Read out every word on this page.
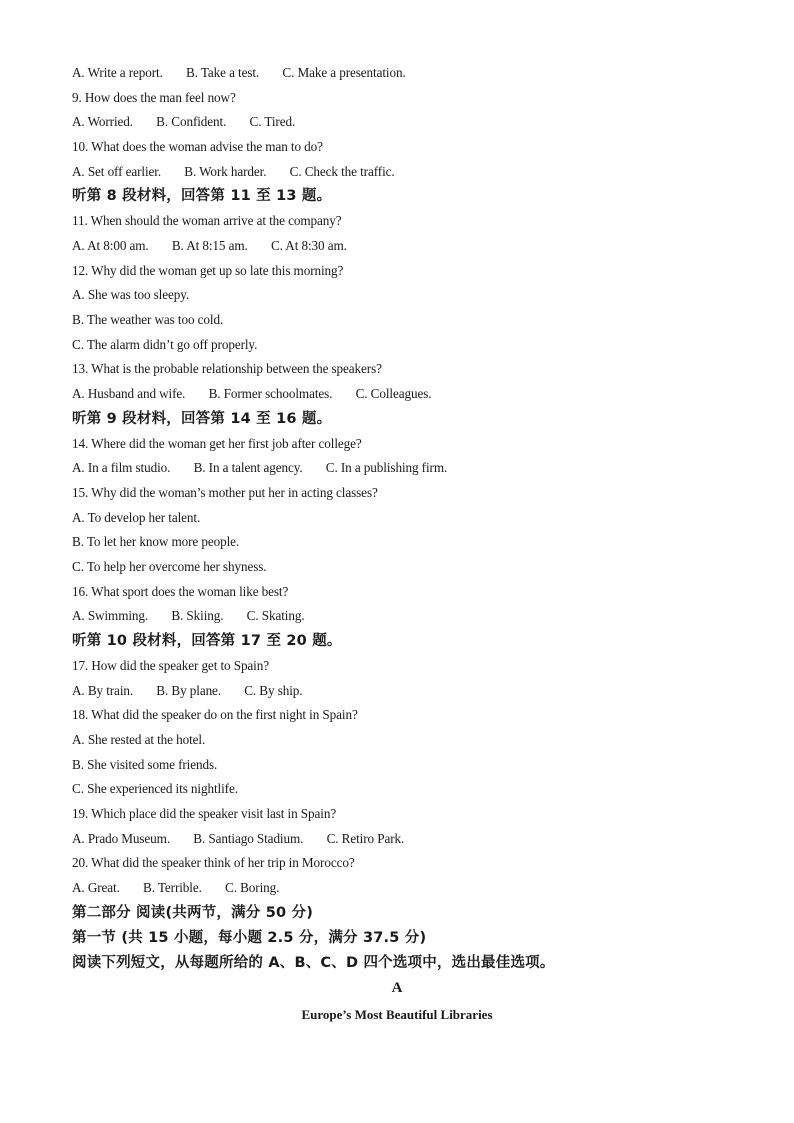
A. Write a report. B. Take a test. C. Make a presentation.
9. How does the man feel now?
A. Worried. B. Confident. C. Tired.
10. What does the woman advise the man to do?
A. Set off earlier. B. Work harder. C. Check the traffic.
听第 8 段材料，回答第 11 至 13 题。
11. When should the woman arrive at the company?
A. At 8:00 am. B. At 8:15 am. C. At 8:30 am.
12. Why did the woman get up so late this morning?
A. She was too sleepy.
B. The weather was too cold.
C. The alarm didn’t go off properly.
13. What is the probable relationship between the speakers?
A. Husband and wife. B. Former schoolmates. C. Colleagues.
听第 9 段材料，回答第 14 至 16 题。
14. Where did the woman get her first job after college?
A. In a film studio. B. In a talent agency. C. In a publishing firm.
15. Why did the woman’s mother put her in acting classes?
A. To develop her talent.
B. To let her know more people.
C. To help her overcome her shyness.
16. What sport does the woman like best?
A. Swimming. B. Skiing. C. Skating.
听第 10 段材料，回答第 17 至 20 题。
17. How did the speaker get to Spain?
A. By train. B. By plane. C. By ship.
18. What did the speaker do on the first night in Spain?
A. She rested at the hotel.
B. She visited some friends.
C. She experienced its nightlife.
19. Which place did the speaker visit last in Spain?
A. Prado Museum. B. Santiago Stadium. C. Retiro Park.
20. What did the speaker think of her trip in Morocco?
A. Great. B. Terrible. C. Boring.
第二部分 阅读(共两节，满分 50 分)
第一节 (共 15 小题，每小题 2.5 分，满分 37.5 分)
阅读下列短文，从每题所给的 A、B、C、D 四个选项中，选出最佳选项。
A
Europe’s Most Beautiful Libraries
